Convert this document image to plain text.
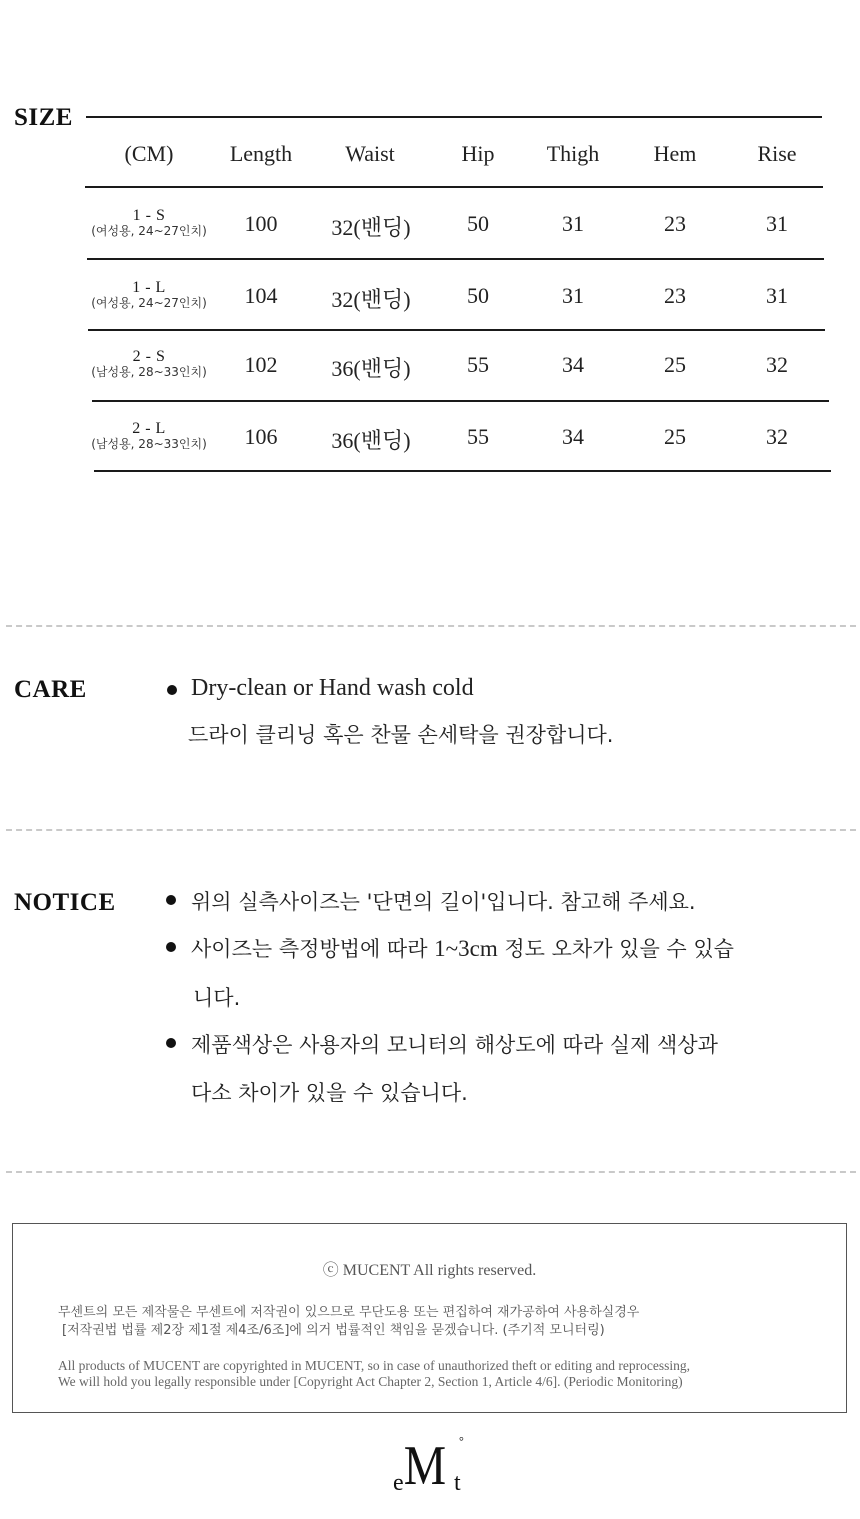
SIZE
(CM)	Length	Waist	Hip	Thigh	Hem	Rise
1 - S
(여성용, 24~27인치)	100	32(밴딩)	50	31	23	31
1 - L
(여성용, 24~27인치)	104	32(밴딩)	50	31	23	31
2 - S
(남성용, 28~33인치)	102	36(밴딩)	55	34	25	32
2 - L
(남성용, 28~33인치)	106	36(밴딩)	55	34	25	32
CARE	Dry-clean or Hand wash cold
드라이 클리닝 혹은 찬물 손세탁을 권장합니다.
NOTICE	위의 실측사이즈는 '단면의 길이'입니다. 참고해 주세요.
사이즈는 측정방법에 따라 1~3cm 정도 오차가 있을 수 있습
니다.
제품색상은 사용자의 모니터의 해상도에 따라 실제 색상과
다소 차이가 있을 수 있습니다.
ⓒ MUCENT All rights reserved.
무센트의 모든 제작물은 무센트에 저작권이 있으므로 무단도용 또는 편집하여 재가공하여 사용하실경우
[저작권법 법률 제2장 제1절 제4조/6조]에 의거 법률적인 책임을 묻겠습니다. (주기적 모니터링)
All products of MUCENT are copyrighted in MUCENT, so in case of unauthorized theft or editing and reprocessing,
We will hold you legally responsible under [Copyright Act Chapter 2, Section 1, Article 4/6]. (Periodic Monitoring)
e M t
°
